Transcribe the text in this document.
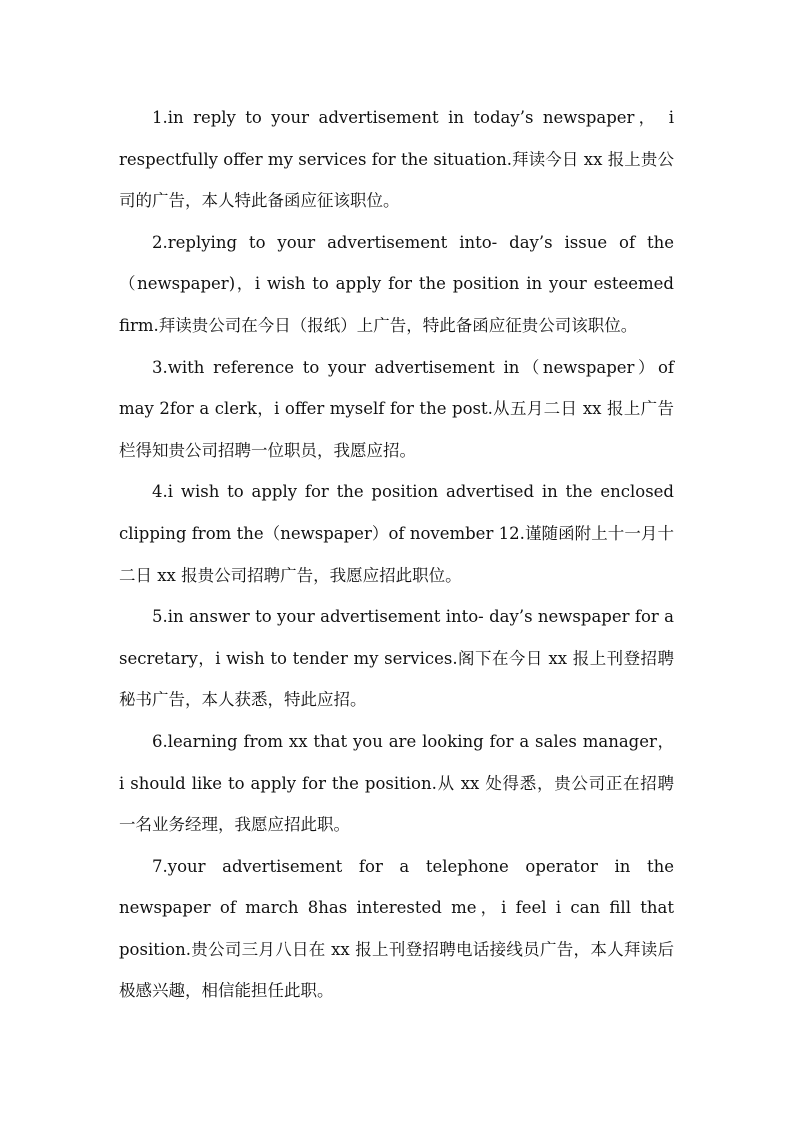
1.in reply to your advertisement in today’s newspaper， i respectfully offer my services for the situation.拜读今日 xx 报上贵公司的广告，本人特此备函应征该职位。

2.replying to your advertisement into- day’s issue of the（newspaper)，i wish to apply for the position in your esteemed firm.拜读贵公司在今日（报纸）上广告，特此备函应征贵公司该职位。

3.with reference to your advertisement in（newspaper）of may 2for a clerk，i offer myself for the post.从五月二日 xx 报上广告栏得知贵公司招聘一位职员，我愿应招。

4.i wish to apply for the position advertised in the enclosed clipping from the（newspaper）of november 12.谨随函附上十一月十二日 xx 报贵公司招聘广告，我愿应招此职位。

5.in answer to your advertisement into- day’s newspaper for a secretary，i wish to tender my services.阁下在今日 xx 报上刊登招聘秘书广告，本人获悉，特此应招。

6.learning from xx that you are looking for a sales manager， i should like to apply for the position.从 xx 处得悉，贵公司正在招聘一名业务经理，我愿应招此职。

7.your advertisement for a telephone operator in the newspaper of march 8has interested me，i feel i can fill that position.贵公司三月八日在 xx 报上刊登招聘电话接线员广告，本人拜读后极感兴趣，相信能担任此职。
